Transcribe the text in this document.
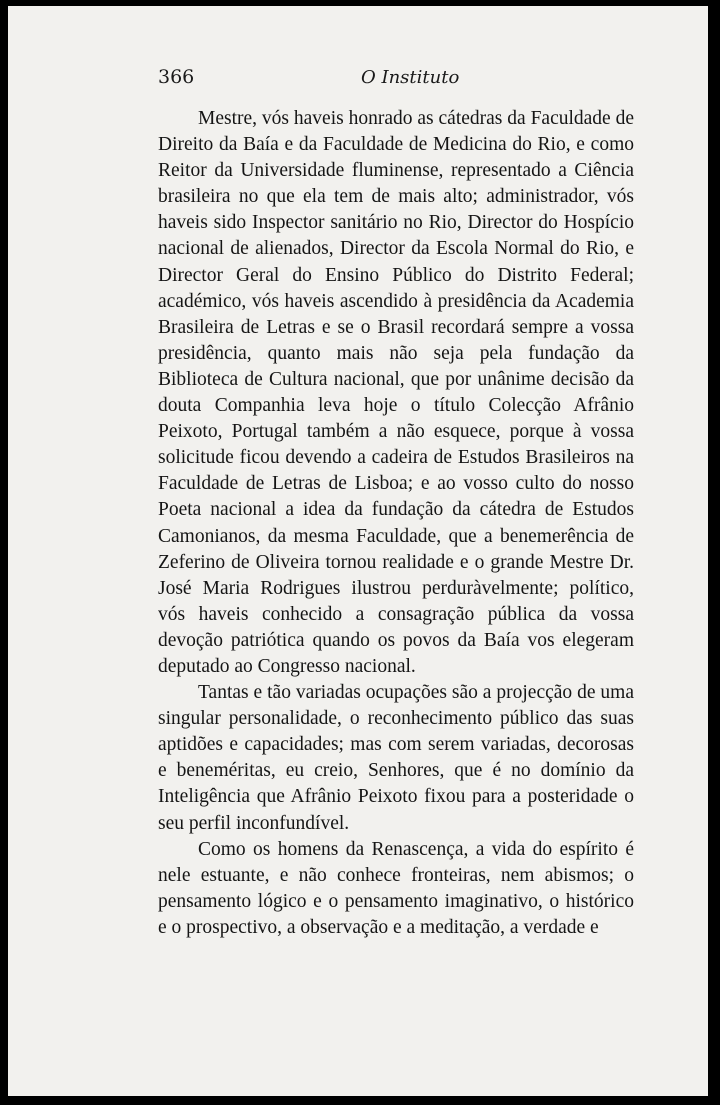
366	O Instituto

Mestre, vós haveis honrado as cátedras da Faculdade de Direito da Baía e da Faculdade de Medicina do Rio, e como Reitor da Universidade fluminense, representado a Ciência brasileira no que ela tem de mais alto; administrador, vós haveis sido Inspector sanitário no Rio, Director do Hospício nacional de alienados, Director da Escola Normal do Rio, e Director Geral do Ensino Público do Distrito Federal; académico, vós haveis ascendido à presidência da Academia Brasileira de Letras e se o Brasil recordará sempre a vossa presidência, quanto mais não seja pela fundação da Biblioteca de Cultura nacional, que por unânime decisão da douta Companhia leva hoje o título Colecção Afrânio Peixoto, Portugal também a não esquece, porque à vossa solicitude ficou devendo a cadeira de Estudos Brasileiros na Faculdade de Letras de Lisboa; e ao vosso culto do nosso Poeta nacional a idea da fundação da cátedra de Estudos Camonianos, da mesma Faculdade, que a benemerência de Zeferino de Oliveira tornou realidade e o grande Mestre Dr. José Maria Rodrigues ilustrou perduràvelmente; político, vós haveis conhecido a consagração pública da vossa devoção patriótica quando os povos da Baía vos elegeram deputado ao Congresso nacional.

Tantas e tão variadas ocupações são a projecção de uma singular personalidade, o reconhecimento público das suas aptidões e capacidades; mas com serem variadas, decorosas e beneméritas, eu creio, Senhores, que é no domínio da Inteligência que Afrânio Peixoto fixou para a posteridade o seu perfil inconfundível.

Como os homens da Renascença, a vida do espírito é nele estuante, e não conhece fronteiras, nem abismos; o pensamento lógico e o pensamento imaginativo, o histórico e o prospectivo, a observação e a meditação, a verdade e
